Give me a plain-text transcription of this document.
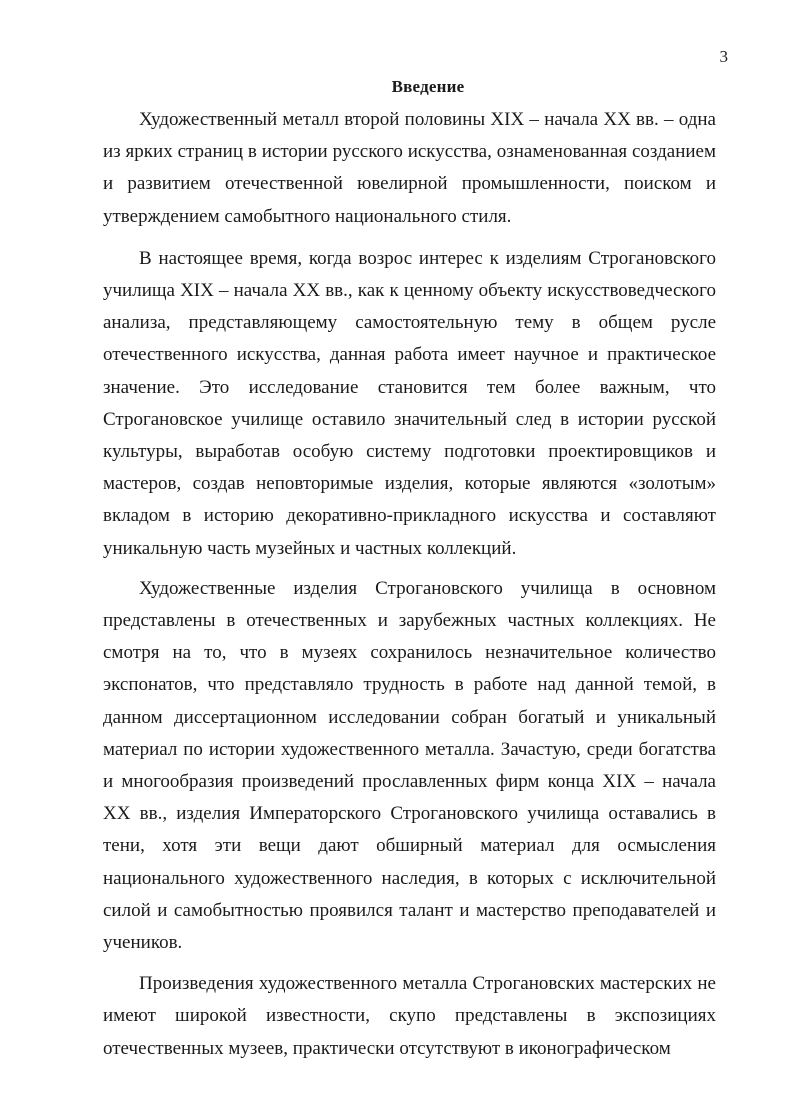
3
Введение

Художественный металл второй половины XIX – начала XX вв. – одна из ярких страниц в истории русского искусства, ознаменованная созданием и развитием отечественной ювелирной промышленности, поиском и утверждением самобытного национального стиля.

В настоящее время, когда возрос интерес к изделиям Строгановского училища XIX – начала XX вв., как к ценному объекту искусствоведческого анализа, представляющему самостоятельную тему в общем русле отечественного искусства, данная работа имеет научное и практическое значение. Это исследование становится тем более важным, что Строгановское училище оставило значительный след в истории русской культуры, выработав особую систему подготовки проектировщиков и мастеров, создав неповторимые изделия, которые являются «золотым» вкладом в историю декоративно-прикладного искусства и составляют уникальную часть музейных и частных коллекций.

Художественные изделия Строгановского училища в основном представлены в отечественных и зарубежных частных коллекциях. Не смотря на то, что в музеях сохранилось незначительное количество экспонатов, что представляло трудность в работе над данной темой, в данном диссертационном исследовании собран богатый и уникальный материал по истории художественного металла. Зачастую, среди богатства и многообразия произведений прославленных фирм конца XIX – начала XX вв., изделия Императорского Строгановского училища оставались в тени, хотя эти вещи дают обширный материал для осмысления национального художественного наследия, в которых с исключительной силой и самобытностью проявился талант и мастерство преподавателей и учеников.

Произведения художественного металла Строгановских мастерских не имеют широкой известности, скупо представлены в экспозициях отечественных музеев, практически отсутствуют в иконографическом
